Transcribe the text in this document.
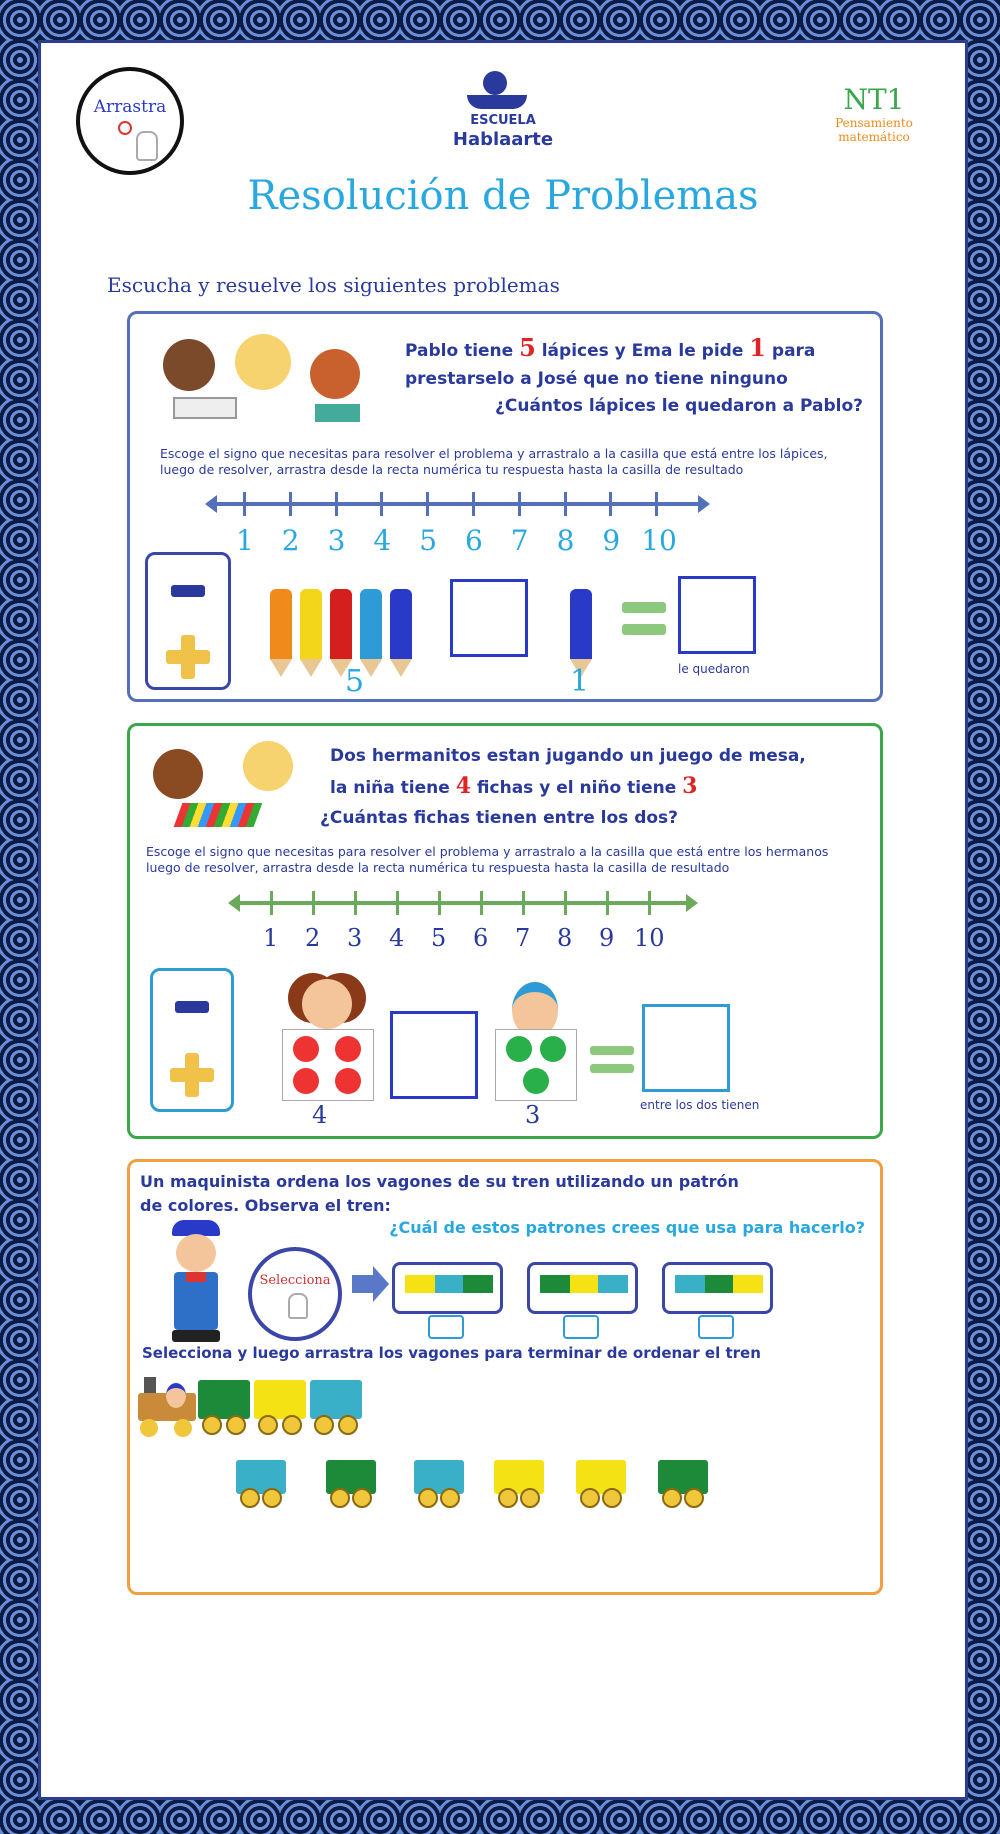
Arrastra
ESCUELA
Hablaarte
NT1
Pensamiento
matemático
Resolución de Problemas
Escucha y resuelve los siguientes problemas
Pablo tiene 5 lápices y Ema le pide 1 para
prestarselo a José que no tiene ninguno
¿Cuántos lápices le quedaron a Pablo?
Escoge el signo que necesitas para resolver el problema y arrastralo a la casilla que está entre los lápices,
luego de resolver, arrastra desde la recta numérica tu respuesta hasta la casilla de resultado
5	1	le quedaron
1 2 3 4 5 6 7 8 9 10
Dos hermanitos estan jugando un juego de mesa,
la niña tiene 4 fichas y el niño tiene 3
¿Cuántas fichas tienen entre los dos?
Escoge el signo que necesitas para resolver el problema y arrastralo a la casilla que está entre los hermanos
luego de resolver, arrastra desde la recta numérica tu respuesta hasta la casilla de resultado
4	3	entre los dos tienen
1 2 3 4 5 6 7 8 9 10
Un maquinista ordena los vagones de su tren utilizando un patrón
de colores. Observa el tren:
¿Cuál de estos patrones crees que usa para hacerlo?
Selecciona
Selecciona y luego arrastra los vagones para terminar de ordenar el tren
